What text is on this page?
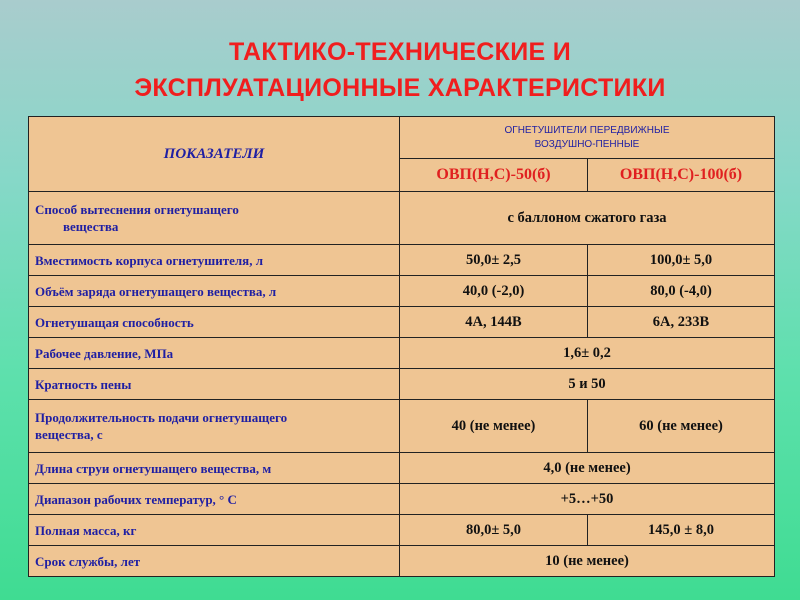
ТАКТИКО-ТЕХНИЧЕСКИЕ И
ЭКСПЛУАТАЦИОННЫЕ ХАРАКТЕРИСТИКИ
ПОКАЗАТЕЛИ	ОГНЕТУШИТЕЛИ ПЕРЕДВИЖНЫЕ
ВОЗДУШНО-ПЕННЫЕ	

	ОВП(Н,С)-50(б)	ОВП(Н,С)-100(б)

Способ вытеснения огнетушащего
вещества	с баллоном сжатого газа	
Вместимость корпуса огнетушителя, л	50,0± 2,5	100,0± 5,0
Объём заряда огнетушащего вещества, л	40,0 (-2,0)	80,0 (-4,0)
Огнетушащая способность	4А, 144В	6А, 233В
Рабочее давление, МПа	1,6± 0,2	
Кратность пены	5 и 50	

Продолжительность подачи огнетушащего
вещества, с	40 (не менее)	60 (не менее)
Длина струи огнетушащего вещества, м	4,0 (не менее)	
Диапазон рабочих температур, ° С	+5…+50	
Полная масса, кг	80,0± 5,0	145,0 ± 8,0
Срок службы, лет	10 (не менее)	
